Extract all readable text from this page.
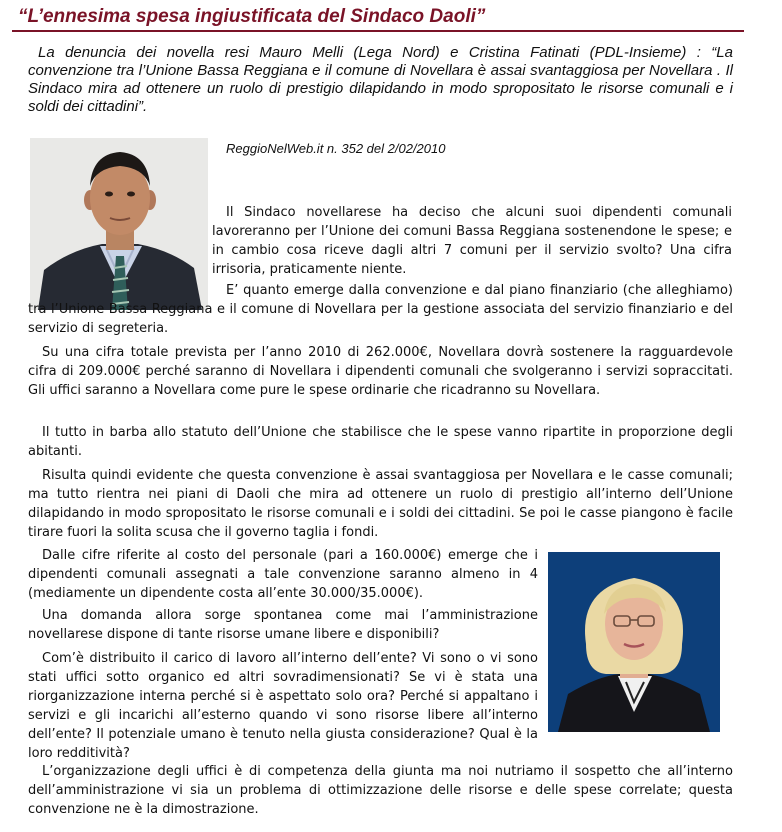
“L’ennesima spesa ingiustificata del Sindaco Daoli”

La denuncia dei novella resi Mauro Melli (Lega Nord) e Cristina Fatinati (PDL-Insieme) : “La convenzione tra l’Unione Bassa Reggiana e il comune di Novellara è assai svantaggiosa per Novellara . Il Sindaco mira ad ottenere un ruolo di prestigio dilapidando in modo spropositato le risorse comunali e i soldi dei cittadini”.

ReggioNelWeb.it n. 352 del 2/02/2010

Il Sindaco novellarese ha deciso che alcuni suoi dipendenti comunali lavoreranno per l’Unione dei comuni Bassa Reggiana sostenendone le spese; e in cambio cosa riceve dagli altri 7 comuni per il servizio svolto? Una cifra irrisoria, praticamente niente.

E’ quanto emerge dalla convenzione e dal piano finanziario (che alleghiamo) tra l’Unione Bassa Reggiana e il comune di Novellara per la gestione associata del servizio finanziario e del servizio di segreteria.

Su una cifra totale prevista per l’anno 2010 di 262.000€, Novellara dovrà sostenere la ragguardevole cifra di 209.000€ perché saranno di Novellara i dipendenti comunali che svolgeranno i servizi sopraccitati. Gli uffici saranno a Novellara come pure le spese ordinarie che ricadranno su Novellara.

Il tutto in barba allo statuto dell’Unione che stabilisce che le spese vanno ripartite in proporzione degli abitanti.

Risulta quindi evidente che questa convenzione è assai svantaggiosa per Novellara e le casse comunali; ma tutto rientra nei piani di Daoli che mira ad ottenere un ruolo di prestigio all’interno dell’Unione dilapidando in modo spropositato le risorse comunali e i soldi dei cittadini. Se poi le casse piangono è facile tirare fuori la solita scusa che il governo taglia i fondi.

Dalle cifre riferite al costo del personale (pari a 160.000€) emerge che i dipendenti comunali assegnati a tale convenzione saranno almeno in 4 (mediamente un dipendente costa all’ente 30.000/35.000€).

Una domanda allora sorge spontanea come mai l’amministrazione novellarese dispone di tante risorse umane libere e disponibili?

Com’è distribuito il carico di lavoro all’interno dell’ente? Vi sono o vi sono stati uffici sotto organico ed altri sovradimensionati? Se vi è stata una riorganizzazione interna perché si è aspettato solo ora? Perché si appaltano i servizi e gli incarichi all’esterno quando vi sono risorse libere all’interno dell’ente? Il potenziale umano è tenuto nella giusta considerazione? Qual è la loro redditività?

L’organizzazione degli uffici è di competenza della giunta ma noi nutriamo il sospetto che all’interno dell’amministrazione vi sia un problema di ottimizzazione delle risorse e delle spese correlate; questa convenzione ne è la dimostrazione.
